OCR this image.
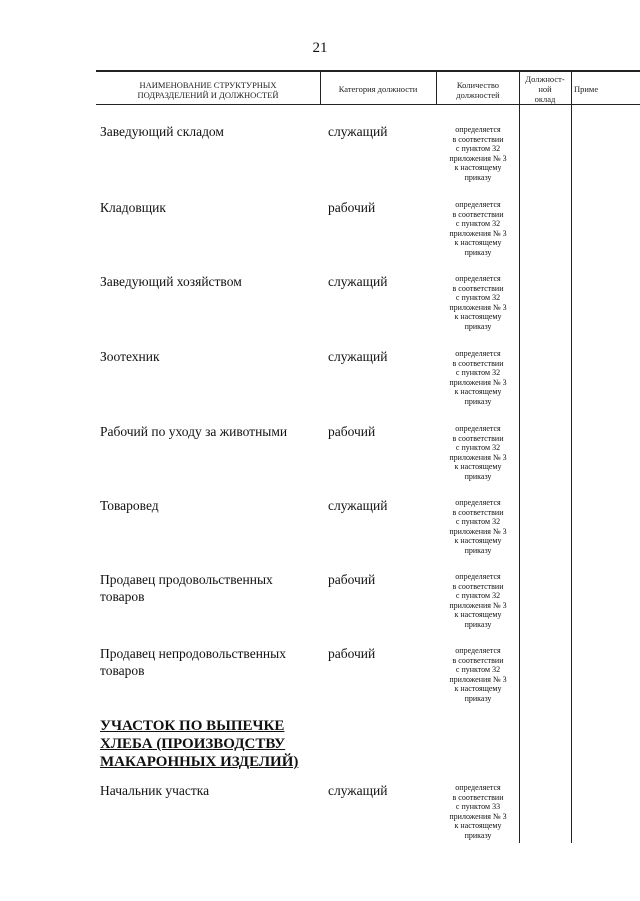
21
НАИМЕНОВАНИЕ СТРУКТУРНЫХ
ПОДРАЗДЕЛЕНИЙ И ДОЛЖНОСТЕЙ
Категория должности	Количество
должностей
Должност-
ной
оклад
Приме
Заведующий складом	служащий	определяется
в соответствии
с пунктом 32
приложения № 3
к настоящему
приказу
Кладовщик	рабочий	определяется
в соответствии
с пунктом 32
приложения № 3
к настоящему
приказу
Заведующий хозяйством	служащий	определяется
в соответствии
с пунктом 32
приложения № 3
к настоящему
приказу
Зоотехник	служащий	определяется
в соответствии
с пунктом 32
приложения № 3
к настоящему
приказу
Рабочий по уходу за животными	рабочий	определяется
в соответствии
с пунктом 32
приложения № 3
к настоящему
приказу
Товаровед	служащий	определяется
в соответствии
с пунктом 32
приложения № 3
к настоящему
приказу
Продавец продовольственных
товаров
рабочий	определяется
в соответствии
с пунктом 32
приложения № 3
к настоящему
приказу
Продавец непродовольственных
товаров
рабочий	определяется
в соответствии
с пунктом 32
приложения № 3
к настоящему
приказу
УЧАСТОК ПО ВЫПЕЧКЕ
ХЛЕБА (ПРОИЗВОДСТВУ
МАКАРОННЫХ ИЗДЕЛИЙ)
Начальник участка	служащий	определяется
в соответствии
с пунктом 33
приложения № 3
к настоящему
приказу
